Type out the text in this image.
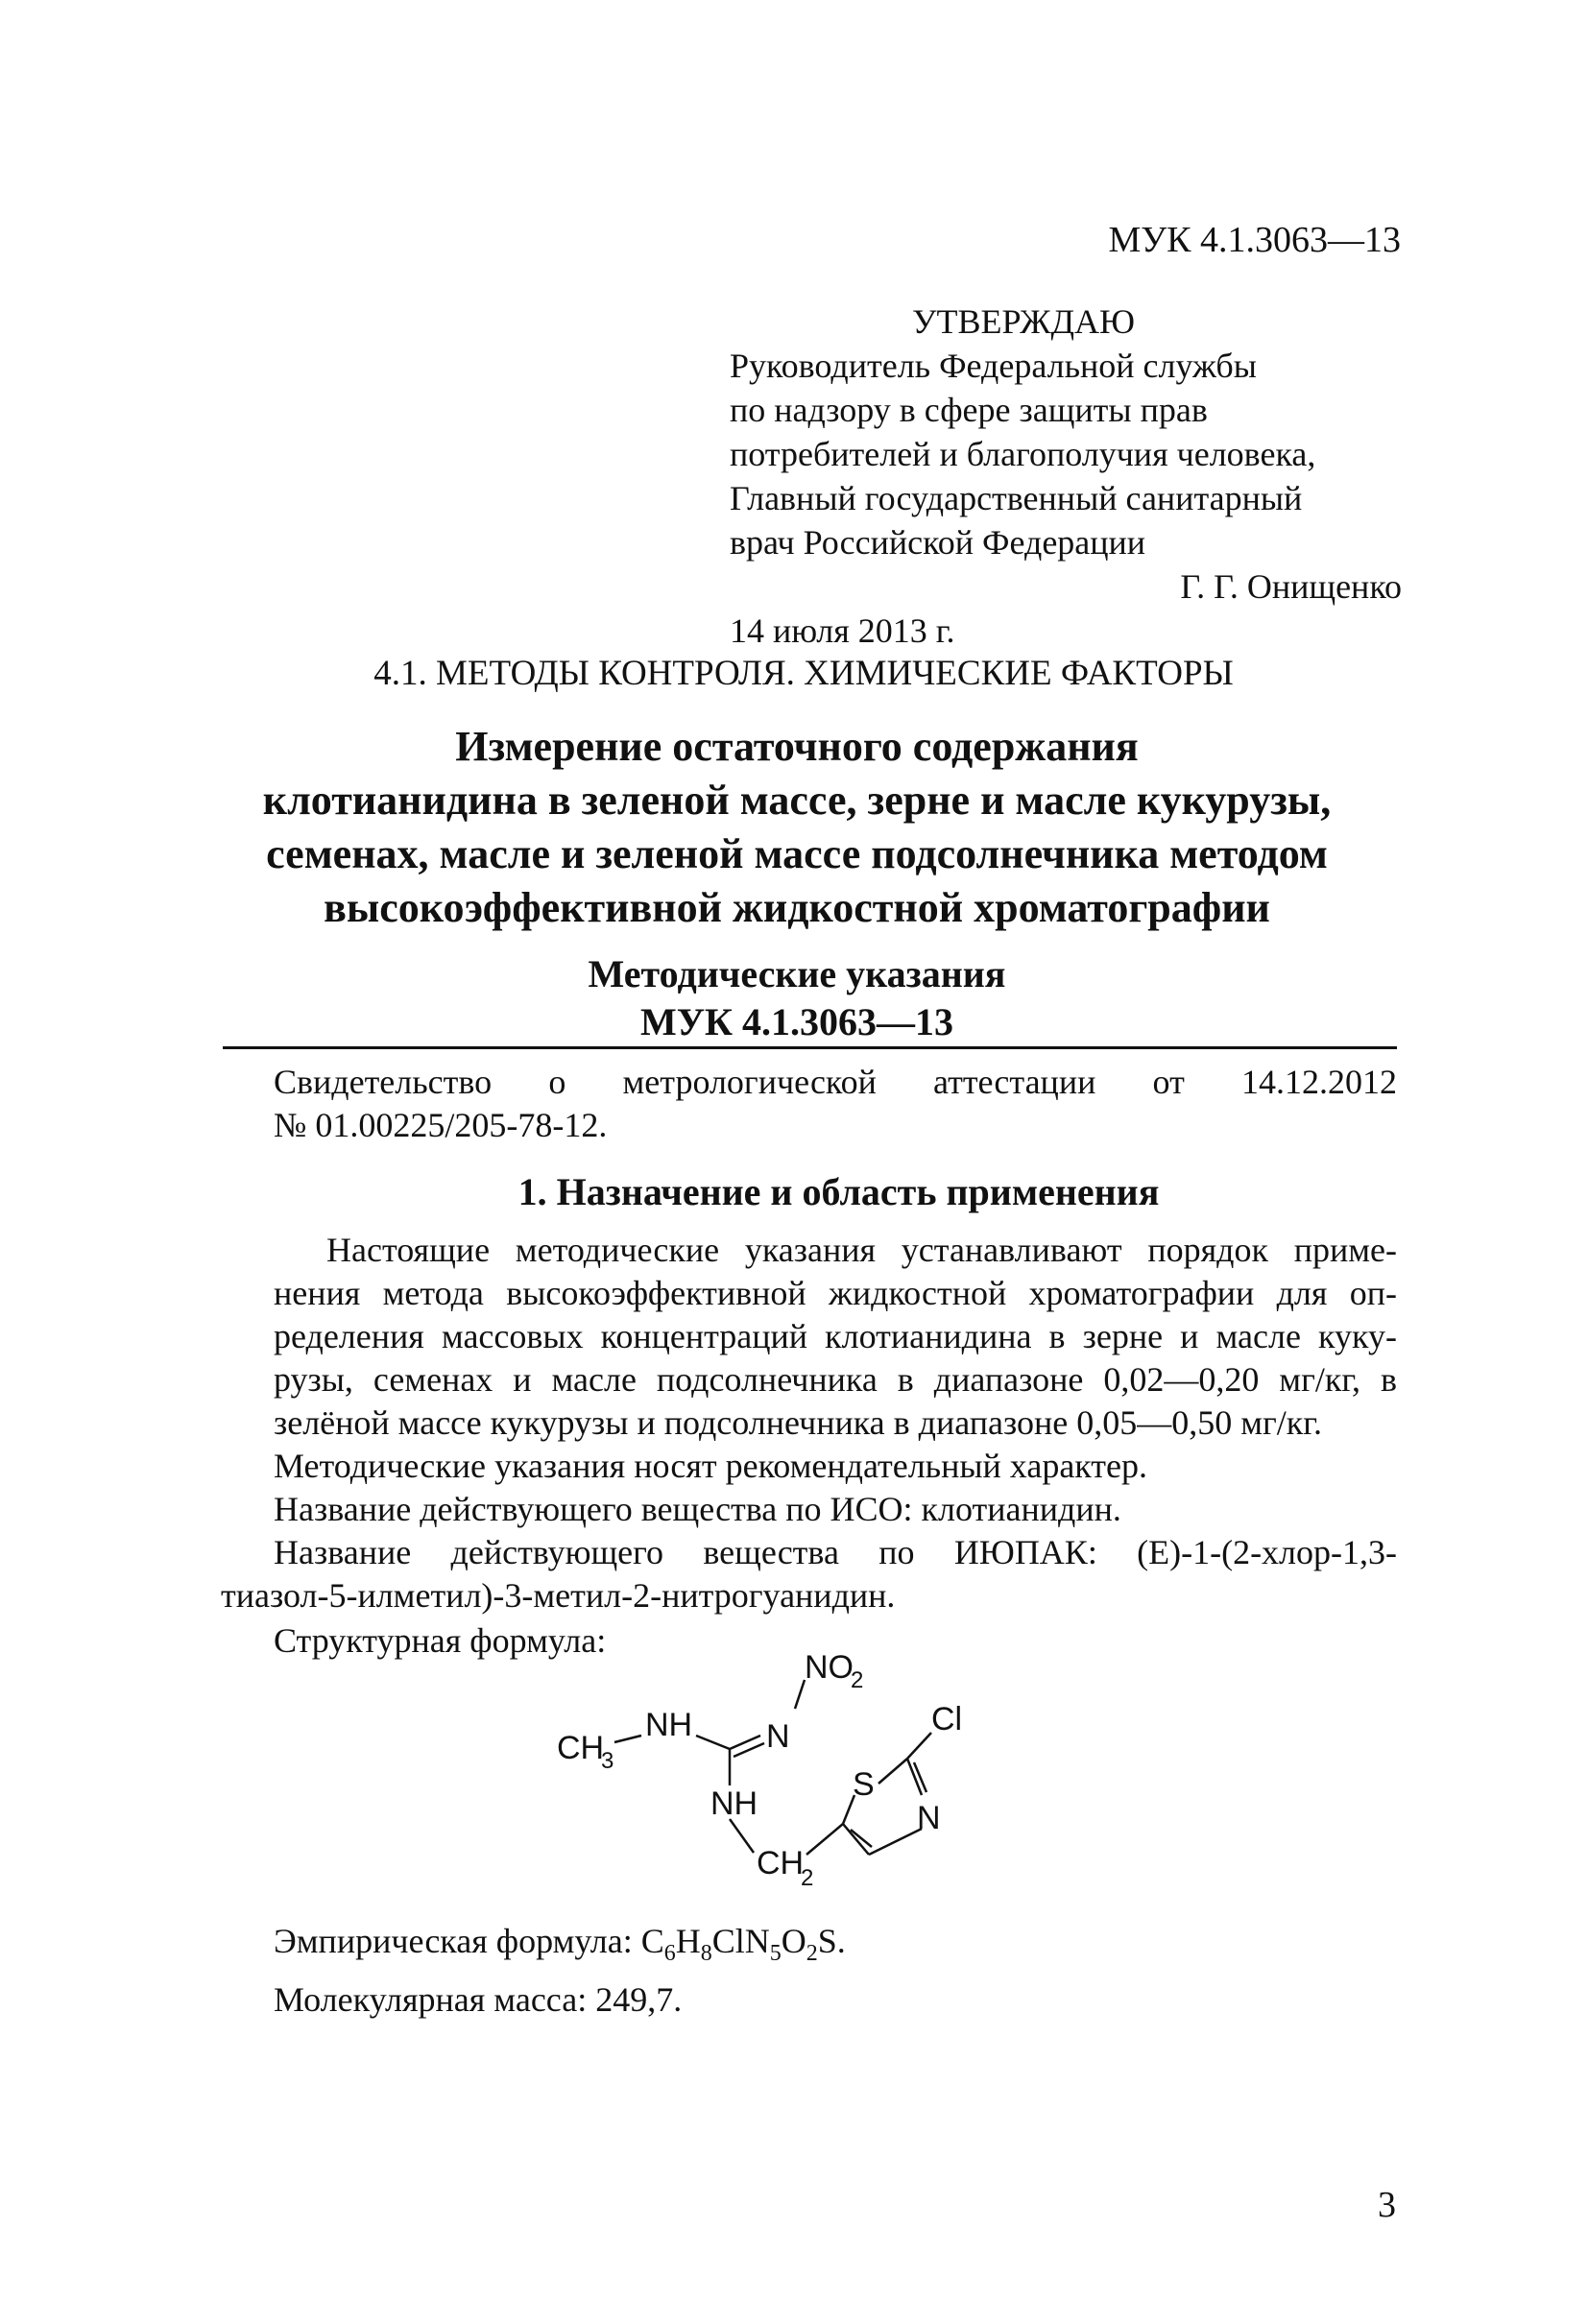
МУК 4.1.3063—13
УТВЕРЖДАЮ
Руководитель Федеральной службы
по надзору в сфере защиты прав
потребителей и благополучия человека,
Главный государственный санитарный
врач Российской Федерации
Г. Г. Онищенко
14 июля 2013 г.
4.1. МЕТОДЫ КОНТРОЛЯ. ХИМИЧЕСКИЕ ФАКТОРЫ
Измерение остаточного содержания
клотианидина в зеленой массе, зерне и масле кукурузы,
семенах, масле и зеленой массе подсолнечника методом
высокоэффективной жидкостной хроматографии
Методические указания
МУК 4.1.3063—13
Свидетельство о метрологической аттестации от 14.12.2012
№ 01.00225/205-78-12.
1. Назначение и область применения
Настоящие методические указания устанавливают порядок приме-
нения метода высокоэффективной жидкостной хроматографии для оп-
ределения массовых концентраций клотианидина в зерне и масле куку-
рузы, семенах и масле подсолнечника в диапазоне 0,02—0,20 мг/кг, в
зелёной массе кукурузы и подсолнечника в диапазоне 0,05—0,50 мг/кг.
Методические указания носят рекомендательный характер.
Название действующего вещества по ИСО: клотианидин.
Название действующего вещества по ИЮПАК: (Е)-1-(2-хлор-1,3-
тиазол-5-илметил)-3-метил-2-нитрогуанидин.
Структурная формула:
NO
2
NH N
CH
3
NH
CH
2
S
Cl
N
Эмпирическая формула: $C_6H_8ClN_5O_2S$.
Молекулярная масса: 249,7.
3
